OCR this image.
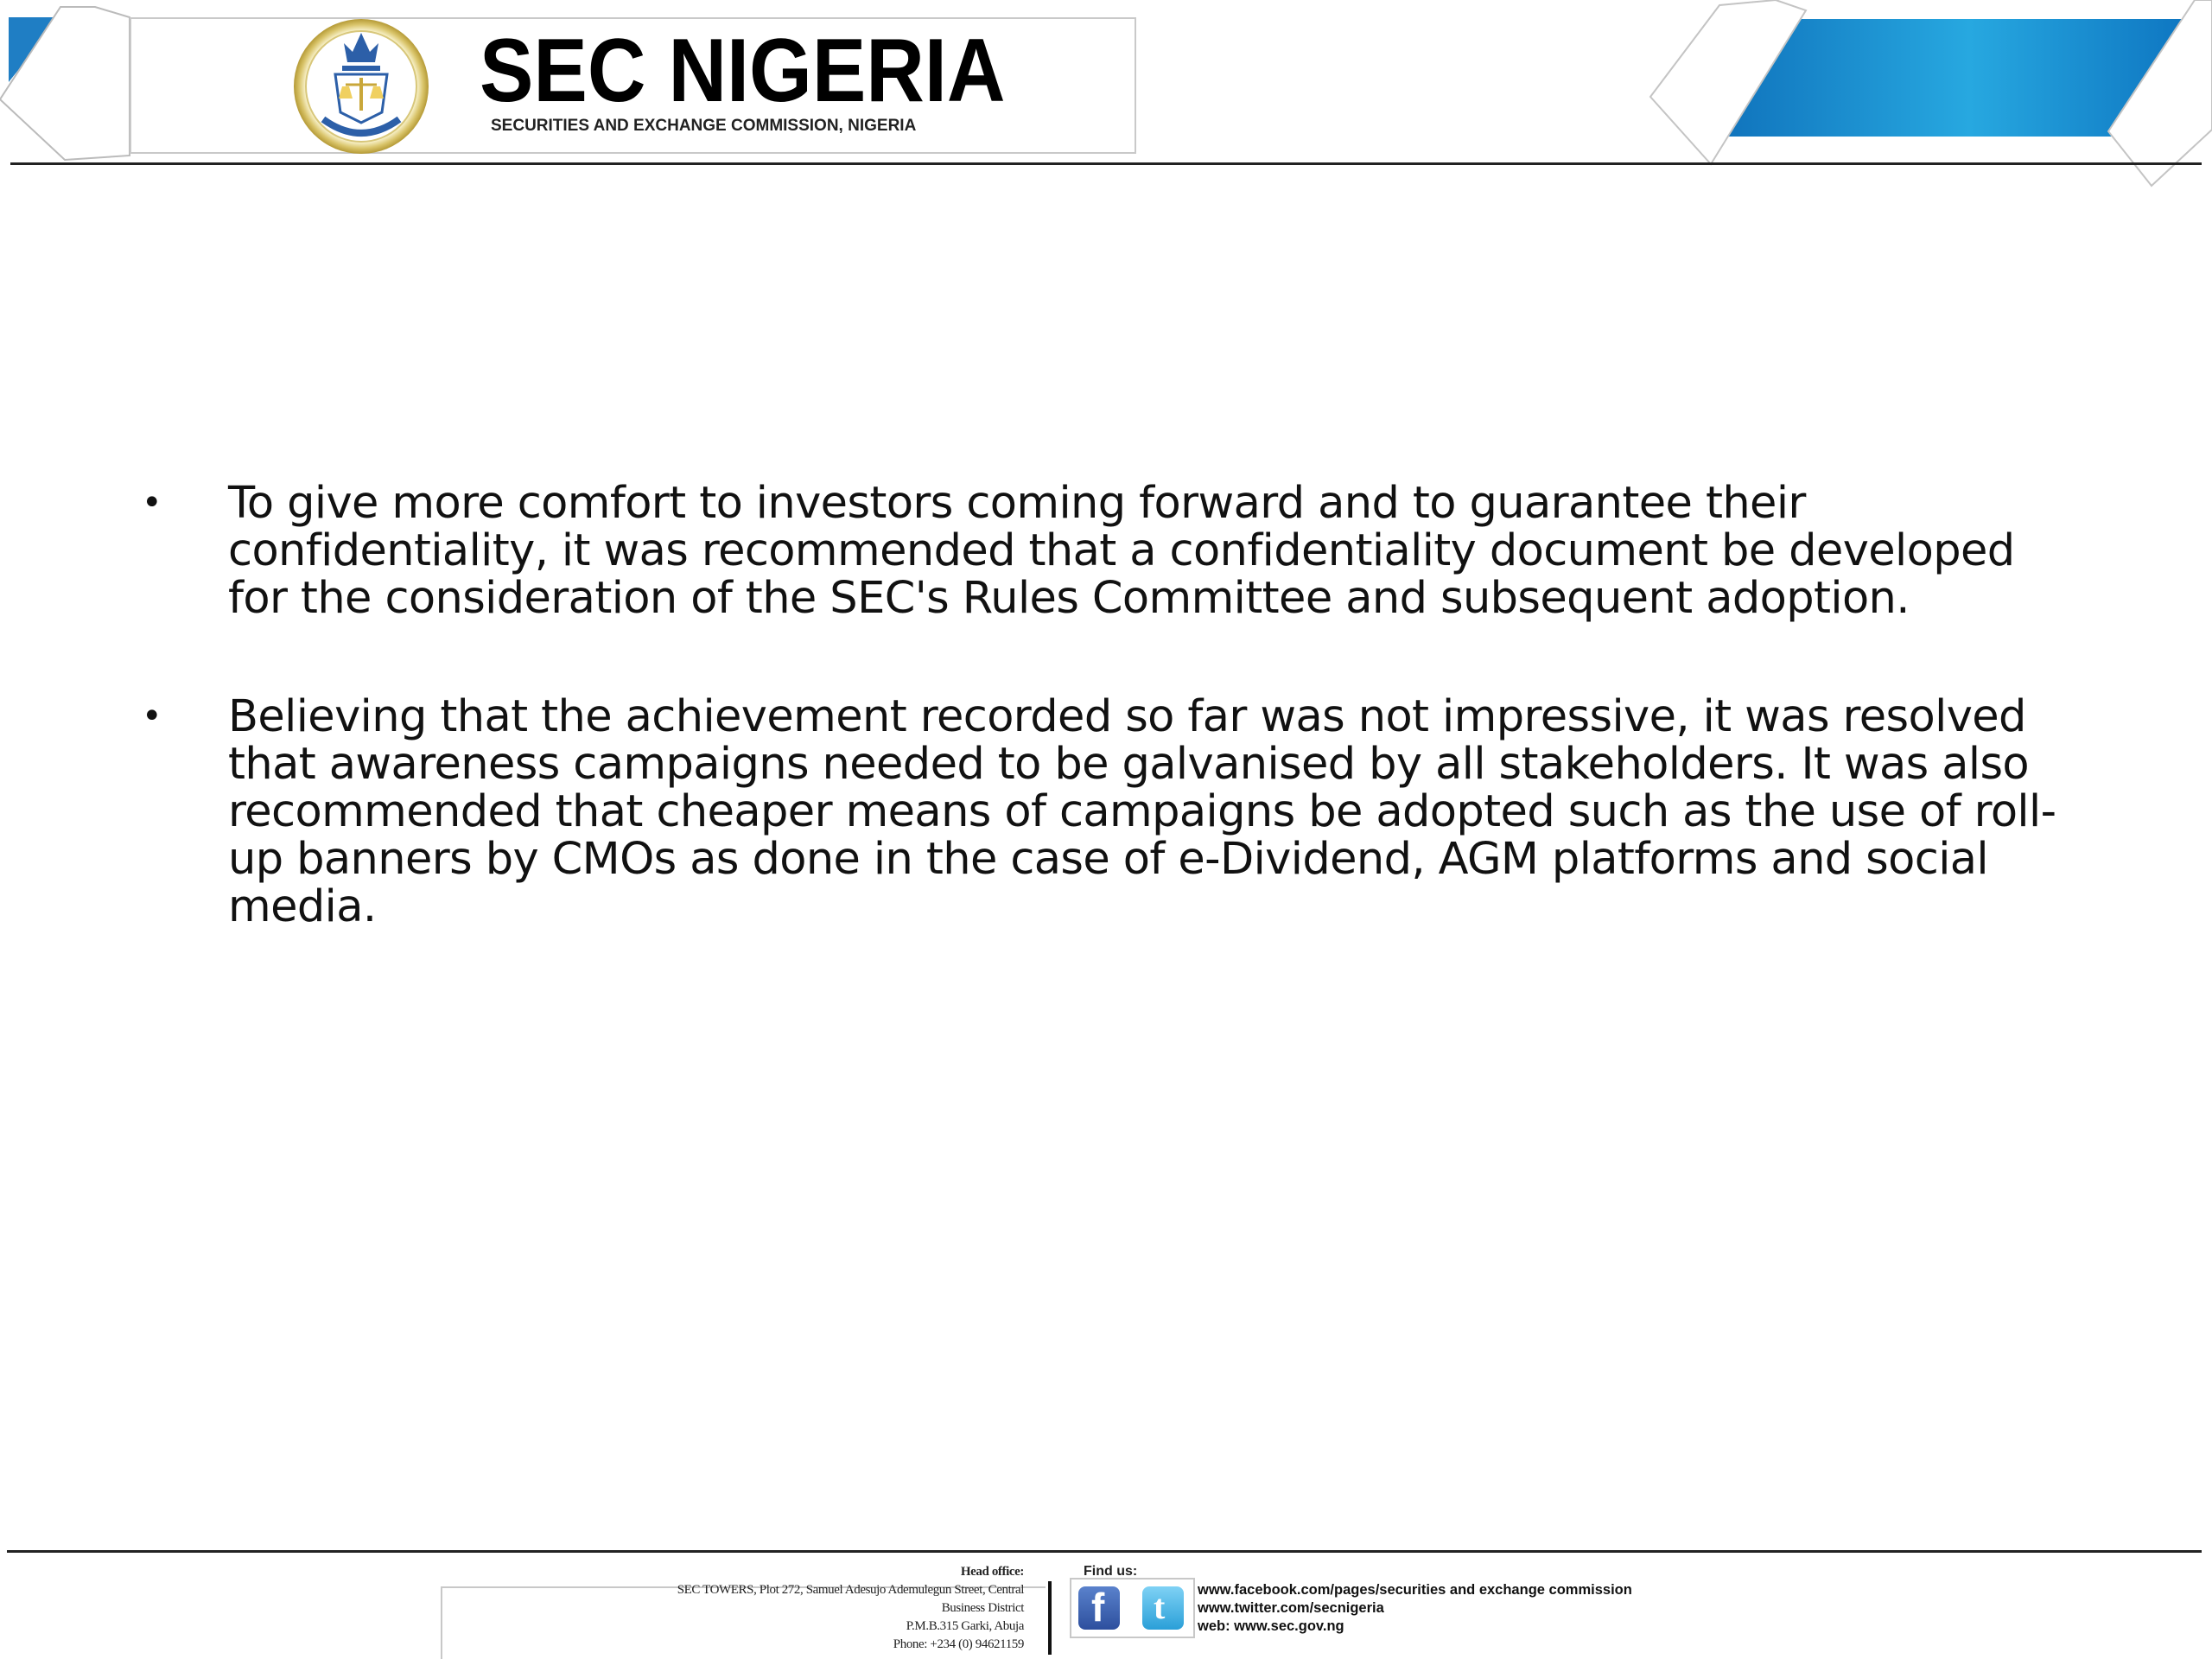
SEC NIGERIA
SECURITIES AND EXCHANGE COMMISSION, NIGERIA
• To give more comfort to investors coming forward and to guarantee their confidentiality, it was recommended that a confidentiality document be developed for the consideration of the SEC's Rules Committee and subsequent adoption.
• Believing that the achievement recorded so far was not impressive, it was resolved that awareness campaigns needed to be galvanised by all stakeholders. It was also recommended that cheaper means of campaigns be adopted such as the use of roll-up banners by CMOs as done in the case of e-Dividend, AGM platforms and social media.
Head office:
SEC TOWERS, Plot 272, Samuel Adesujo Ademulegun Street, Central
Business District
P.M.B.315 Garki, Abuja
Phone: +234 (0) 94621159
Find us:
f t www.facebook.com/pages/securities and exchange commission
www.twitter.com/secnigeria
web: www.sec.gov.ng
